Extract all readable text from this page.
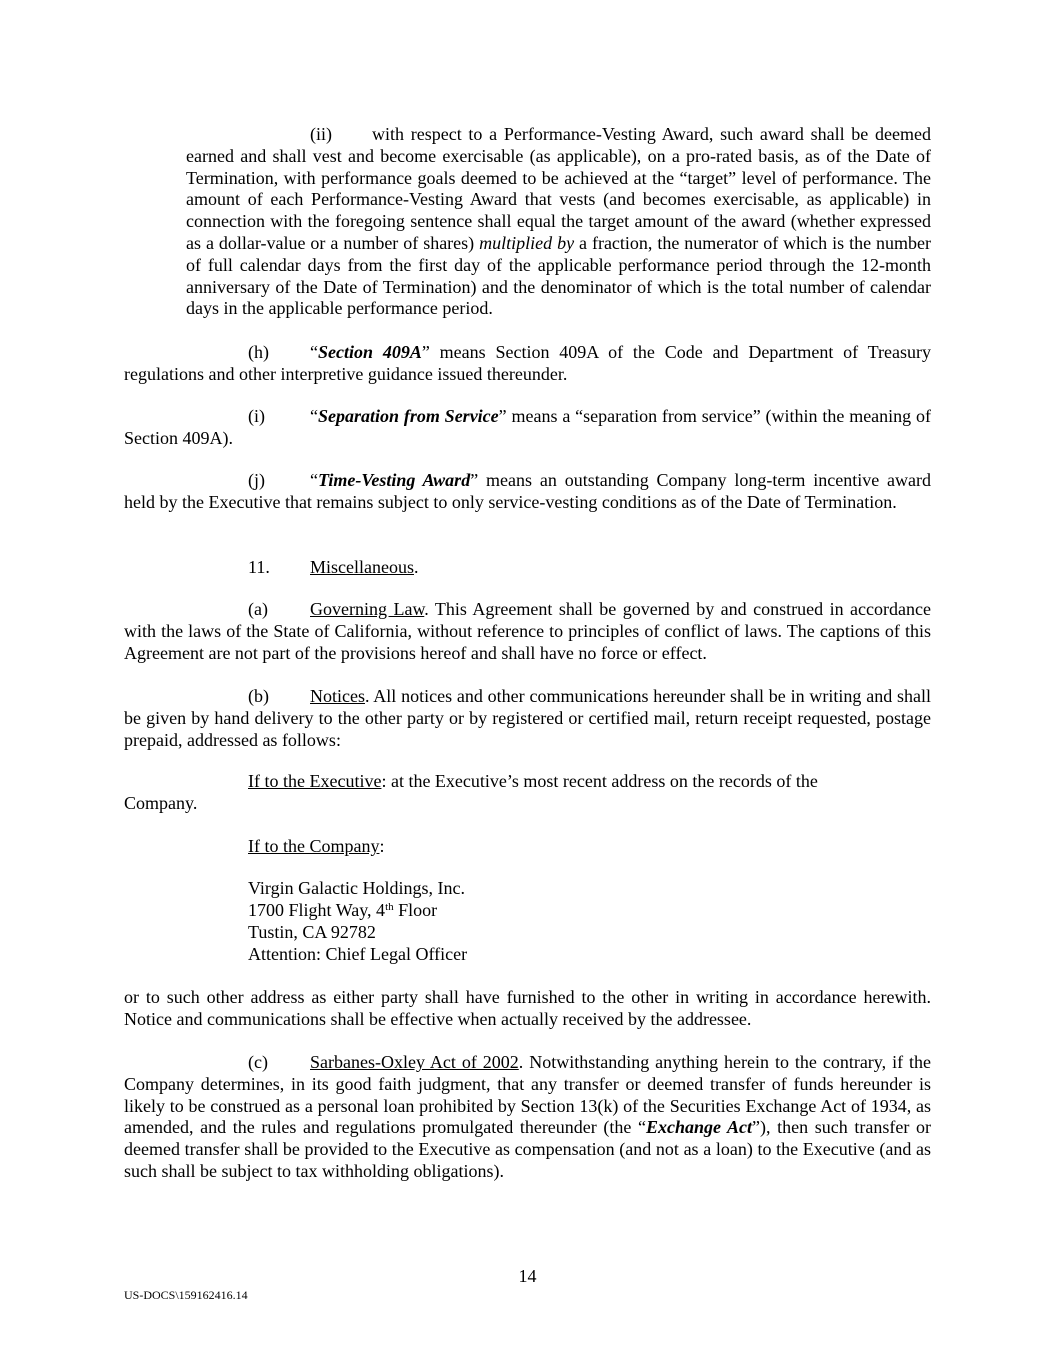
(ii) with respect to a Performance-Vesting Award, such award shall be deemed earned and shall vest and become exercisable (as applicable), on a pro-rated basis, as of the Date of Termination, with performance goals deemed to be achieved at the “target” level of performance. The amount of each Performance-Vesting Award that vests (and becomes exercisable, as applicable) in connection with the foregoing sentence shall equal the target amount of the award (whether expressed as a dollar-value or a number of shares) multiplied by a fraction, the numerator of which is the number of full calendar days from the first day of the applicable performance period through the 12-month anniversary of the Date of Termination) and the denominator of which is the total number of calendar days in the applicable performance period.

(h) “Section 409A” means Section 409A of the Code and Department of Treasury regulations and other interpretive guidance issued thereunder.

(i)	“Separation from Service” means a “separation from service” (within the meaning of Section 409A).

(j)	“Time-Vesting Award” means an outstanding Company long-term incentive award held by the Executive that remains subject to only service-vesting conditions as of the Date of Termination.

11. Miscellaneous.

(a) Governing Law. This Agreement shall be governed by and construed in accordance with the laws of the State of California, without reference to principles of conflict of laws. The captions of this Agreement are not part of the provisions hereof and shall have no force or effect.

(b) Notices. All notices and other communications hereunder shall be in writing and shall be given by hand delivery to the other party or by registered or certified mail, return receipt requested, postage prepaid, addressed as follows:

If to the Executive: at the Executive’s most recent address on the records of the

Company.

If to the Company:

Virgin Galactic Holdings, Inc.

1700 Flight Way, 4th Floor

Tustin, CA 92782

Attention: Chief Legal Officer

or to such other address as either party shall have furnished to the other in writing in accordance herewith. Notice and communications shall be effective when actually received by the addressee.

(c) Sarbanes-Oxley Act of 2002. Notwithstanding anything herein to the contrary, if the Company determines, in its good faith judgment, that any transfer or deemed transfer of funds hereunder is likely to be construed as a personal loan prohibited by Section 13(k) of the Securities Exchange Act of 1934, as amended, and the rules and regulations promulgated thereunder (the “Exchange Act”), then such transfer or deemed transfer shall be provided to the Executive as compensation (and not as a loan) to the Executive (and as such shall be subject to tax withholding obligations).

14
US-DOCS\159162416.14
